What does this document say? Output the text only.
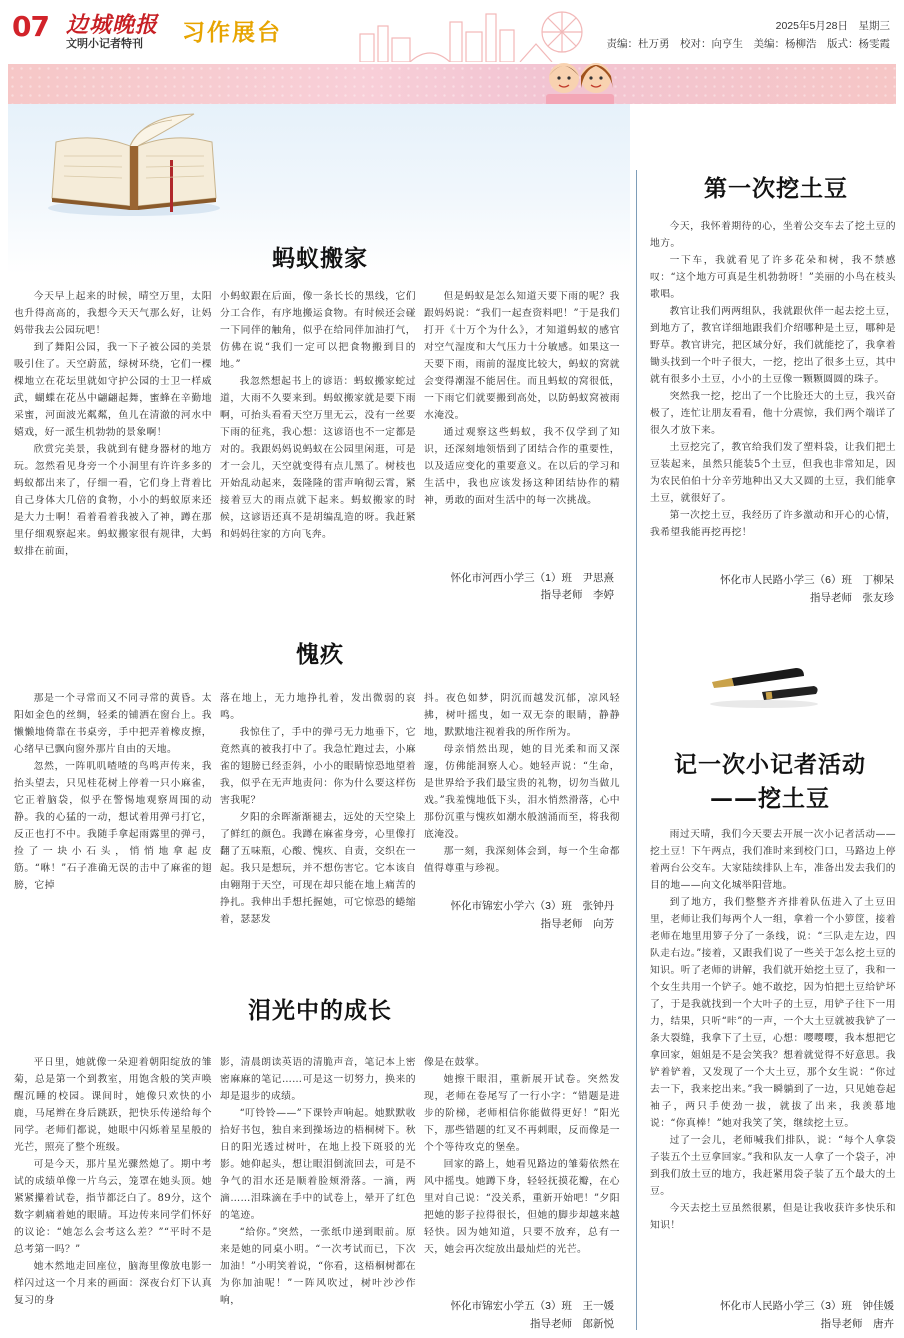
07 边城晚报
文明小记者特刊 习作展台	2025年5月28日　星期三
责编：杜万勇　校对：向亨生　美编：杨柳浩　版式：杨雯霞
蚂蚁搬家

今天早上起来的时候，晴空万里，太阳也升得高高的，我想今天天气那么好，让妈妈带我去公园玩吧！

到了舞阳公园，我一下子被公园的美景吸引住了。天空蔚蓝，绿树环绕，它们一棵棵地立在花坛里就如守护公园的士卫一样威武，蝴蝶在花丛中翩翩起舞，蜜蜂在辛勤地采蜜，河面波光粼粼，鱼儿在清澈的河水中嬉戏，好一派生机勃勃的景象啊！

欣赏完美景，我就到有健身器材的地方玩。忽然看见身旁一个小洞里有许许多多的蚂蚁都出来了，仔细一看，它们身上背着比自己身体大几倍的食物，小小的蚂蚁原来还是大力士啊！看着看着我被入了神，蹲在那里仔细观察起来。蚂蚁搬家很有规律，大蚂蚁排在前面，

小蚂蚁跟在后面，像一条长长的黑线，它们分工合作，有序地搬运食物。有时候还会碰一下同伴的触角，似乎在给同伴加油打气，仿佛在说“我们一定可以把食物搬到目的地。”

我忽然想起书上的谚语：蚂蚁搬家蛇过道，大雨不久要来到。蚂蚁搬家就是要下雨啊，可抬头看看天空万里无云，没有一丝要下雨的征兆，我心想：这谚语也不一定都是对的。我跟妈妈说蚂蚁在公园里闲逛，可是才一会儿，天空就变得有点儿黑了。树枝也开始乱动起来，轰隆隆的雷声响彻云霄，紧接着豆大的雨点就下起来。蚂蚁搬家的时候，这谚语还真不是胡编乱造的呀。我赶紧和妈妈往家的方向飞奔。

但是蚂蚁是怎么知道天要下雨的呢？我跟妈妈说：“我们一起查资料吧！”于是我们打开《十万个为什么》，才知道蚂蚁的感官对空气湿度和大气压力十分敏感。如果这一天要下雨，雨前的湿度比较大，蚂蚁的窝就会变得潮湿不能居住。而且蚂蚁的窝很低，一下雨它们就要搬到高处，以防蚂蚁窝被雨水淹没。

通过观察这些蚂蚁，我不仅学到了知识，还深刻地领悟到了团结合作的重要性，以及适应变化的重要意义。在以后的学习和生活中，我也应该发扬这种团结协作的精神，勇敢的面对生活中的每一次挑战。

怀化市河西小学三（1）班　尹思熹
指导老师　李婷
愧疚

那是一个寻常而又不同寻常的黄昏。太阳如金色的丝绸，轻柔的铺洒在窗台上。我懒懒地倚靠在书桌旁，手中把弄着橡皮擦，心绪早已飘向窗外那片自由的天地。

忽然，一阵叽叽喳喳的鸟鸣声传来，我抬头望去，只见桂花树上停着一只小麻雀，它正着脑袋，似乎在警惕地观察周围的动静。我的心猛的一动，想试着用弹弓打它，反正也打不中。我随手拿起雨露里的弹弓，捡了一块小石头，悄悄地拿起皮筋。“咻！”石子准确无误的击中了麻雀的翅膀，它掉

落在地上，无力地挣扎着，发出微弱的哀鸣。

我惊住了，手中的弹弓无力地垂下，它竟然真的被我打中了。我急忙跑过去，小麻雀的翅膀已经歪斜，小小的眼睛惊恐地望着我，似乎在无声地责问：你为什么要这样伤害我呢？

夕阳的余晖渐渐褪去，远处的天空染上了鲜红的颜色。我蹲在麻雀身旁，心里像打翻了五味瓶，心酸、愧疚、自责，交织在一起。我只是想玩，并不想伤害它。它本该自由翱翔于天空，可现在却只能在地上痛苦的挣扎。我伸出手想托握她，可它惊恐的蜷缩着，瑟瑟发

抖。夜色如梦，阴沉而越发沉郁，凉风轻拂，树叶摇曳，如一双无奈的眼睛，静静地，默默地注视着我的所作所为。

母亲悄然出现，她的目光柔和而又深邃，仿佛能洞察人心。她轻声说：“生命，是世界给予我们最宝贵的礼物，切勿当做儿戏。”我羞愧地低下头，泪水悄然滑落，心中那份沉重与愧疚如潮水般汹涌而至，将我彻底淹没。

那一刻，我深刻体会到，每一个生命都值得尊重与珍视。

怀化市锦宏小学六（3）班　张钟丹
指导老师　向芳
泪光中的成长

平日里，她就像一朵迎着朝阳绽放的雏菊，总是第一个到教室，用饱含般的笑声唤醒沉睡的校园。课间时，她像只欢快的小鹿，马尾辫在身后跳跃，把快乐传递给每个同学。老师们都说，她眼中闪烁着星星般的光芒，照亮了整个班级。

可是今天，那片星光骤然熄了。期中考试的成绩单像一片乌云，笼罩在她头顶。她紧紧攥着试卷，指节都泛白了。89分，这个数字刺痛着她的眼睛。耳边传来同学们怀好的议论：“她怎么会考这么差？”“平时不是总考第一吗？”

她木然地走回座位，脑海里像放电影一样闪过这一个月来的画面：深夜台灯下认真复习的身

影，清晨朗读英语的清脆声音，笔记本上密密麻麻的笔记……可是这一切努力，换来的却是退步的成绩。

“叮铃铃——”下课铃声响起。她默默收拾好书包，独自来到操场边的梧桐树下。秋日的阳光透过树叶，在地上投下斑驳的光影。她仰起头，想让眼泪倒流回去，可是不争气的泪水还是顺着脸颊滑落。一滴，两滴……泪珠滴在手中的试卷上，晕开了红色的笔迹。

“给你。”突然，一张纸巾递到眼前。原来是她的同桌小明。“一次考试而已，下次加油！”小明笑着说，“你看，这梧桐树都在为你加油呢！”一阵风吹过，树叶沙沙作响，

像是在鼓掌。

她擦干眼泪，重新展开试卷。突然发现，老师在卷尾写了一行小字：“错题是进步的阶梯，老师相信你能做得更好！”阳光下，那些错题的红叉不再刺眼，反而像是一个个等待攻克的堡垒。

回家的路上，她看见路边的雏菊依然在风中摇曳。她蹲下身，轻轻抚摸花瓣，在心里对自己说：“没关系，重新开始吧！”夕阳把她的影子拉得很长，但她的脚步却越来越轻快。因为她知道，只要不放弃，总有一天，她会再次绽放出最灿烂的光芒。

怀化市锦宏小学五（3）班　王一媛
指导老师　郎新悦
第一次挖土豆

今天，我怀着期待的心，坐着公交车去了挖土豆的地方。

一下车，我就看见了许多花朵和树，我不禁感叹：“这个地方可真是生机勃勃呀！”美丽的小鸟在枝头歌唱。

教官让我们两两组队，我就跟伙伴一起去挖土豆，到地方了，教官详细地跟我们介绍哪种是土豆，哪种是野草。教官讲完，把区域分好，我们就能挖了，我拿着锄头找到一个叶子很大，一挖，挖出了很多土豆，其中就有很多小土豆，小小的土豆像一颗颗圆圆的珠子。

突然我一挖，挖出了一个比脸还大的土豆，我兴奋极了，连忙让朋友看看，他十分震惊，我们两个端详了很久才放下来。

土豆挖完了，教官给我们发了塑料袋，让我们把土豆装起来，虽然只能装5个土豆，但我也非常知足，因为农民伯伯十分辛劳地种出又大又圆的土豆，我们能拿土豆，就很好了。

第一次挖土豆，我经历了许多激动和开心的心情，我希望我能再挖再挖！

怀化市人民路小学三（6）班　丁柳呆
指导老师　张友珍
记一次小记者活动
——挖土豆

雨过天晴，我们今天要去开展一次小记者活动——挖土豆！下午两点，我们准时来到校门口，马路边上停着两台公交车。大家陆续排队上车，准备出发去我们的目的地——向文化城举阳营地。

到了地方，我们整整齐齐排着队伍进入了土豆田里，老师让我们每两个人一组，拿着一个小箩筐，接着老师在地里用箩子分了一条线，说：“三队走左边，四队走右边。”接着，又跟我们说了一些关于怎么挖土豆的知识。听了老师的讲解，我们就开始挖土豆了，我和一个女生共用一个铲子。她不敢挖，因为怕把土豆给铲坏了，于是我就找到一个大叶子的土豆，用铲子往下一用力，结果，只听“咔”的一声，一个大土豆就被我铲了一条大裂缝，我拿下了土豆，心想：嘤嘤嘤，我本想把它拿回家，姐姐是不是会笑我？想着就觉得不好意思。我铲着铲着，又发现了一个大土豆，那个女生说：“你过去一下，我来挖出来。”我一瞬躺到了一边，只见她卷起袖子，两只手使劲一拔，就拔了出来，我羡慕地说：“你真棒！”她对我笑了笑，继续挖土豆。

过了一会儿，老师喊我们排队，说：“每个人拿袋子装五个土豆拿回家。”我和队友一人拿了一个袋子，冲到我们放土豆的地方，我赶紧用袋子装了五个最大的土豆。

今天去挖土豆虽然很累，但是让我收获许多快乐和知识！

怀化市人民路小学三（3）班　钟佳媛
指导老师　唐卉
